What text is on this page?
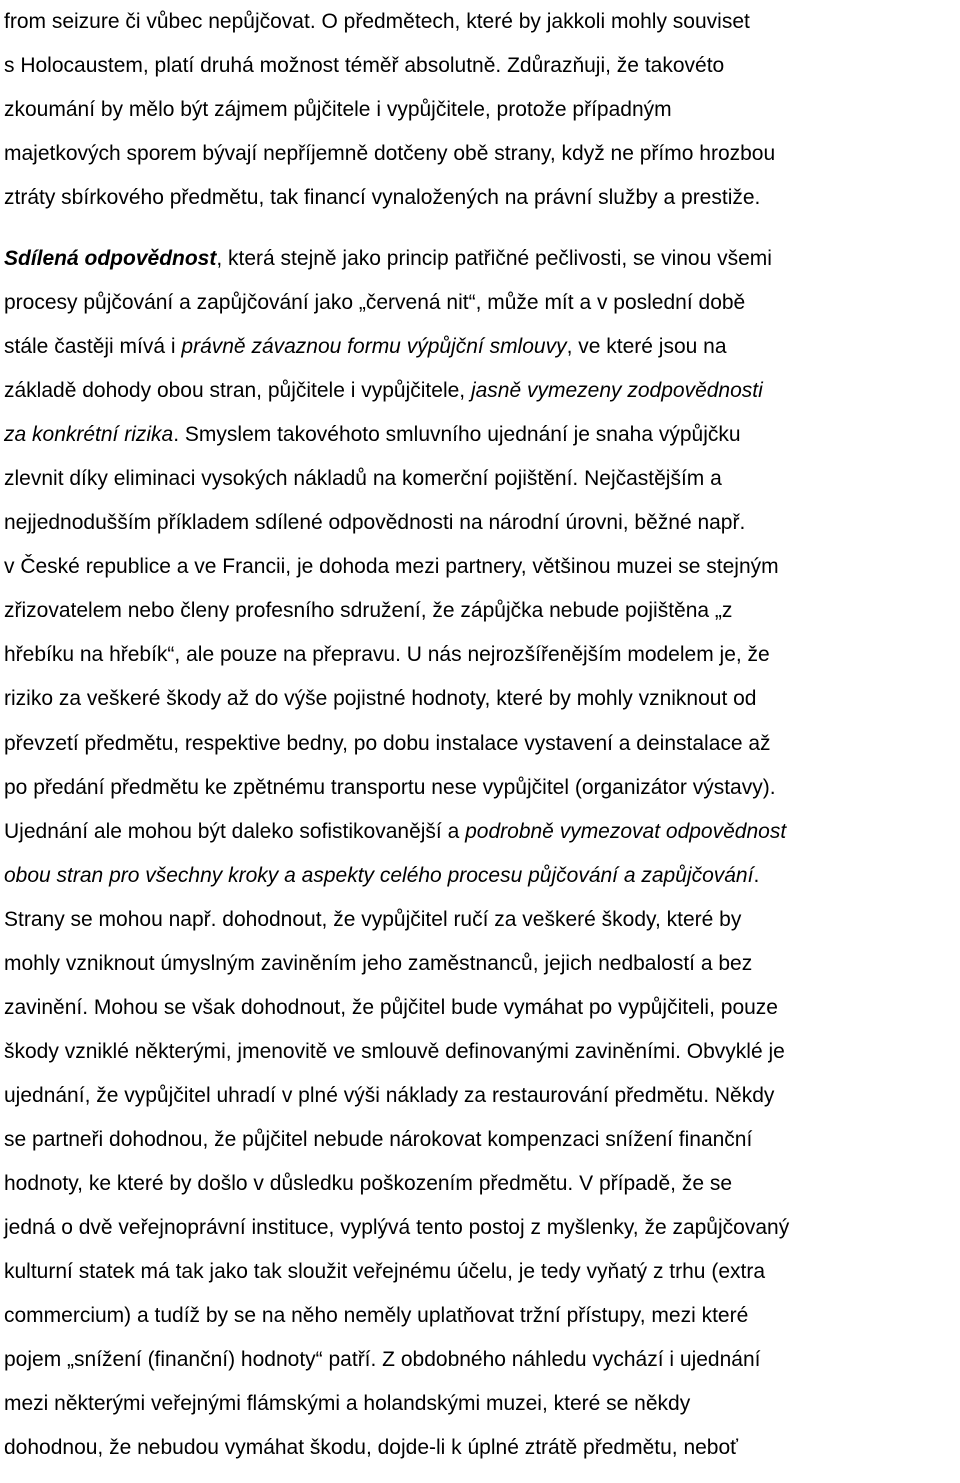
from seizure či vůbec nepůjčovat. O předmětech, které by jakkoli mohly souviset
s Holocaustem, platí druhá možnost téměř absolutně. Zdůrazňuji, že takovéto
zkoumání by mělo být zájmem půjčitele i vypůjčitele, protože případným
majetkových sporem bývají nepříjemně dotčeny obě strany, když ne přímo hrozbou
ztráty sbírkového předmětu, tak financí vynaložených na právní služby a prestiže.

Sdílená odpovědnost, která stejně jako princip patřičné pečlivosti, se vinou všemi
procesy půjčování a zapůjčování jako „červená nit“, může mít a v poslední době
stále častěji mívá i právně závaznou formu výpůjční smlouvy, ve které jsou na
základě dohody obou stran, půjčitele i vypůjčitele, jasně vymezeny zodpovědnosti
za konkrétní rizika. Smyslem takovéhoto smluvního ujednání je snaha výpůjčku
zlevnit díky eliminaci vysokých nákladů na komerční pojištění. Nejčastějším a
nejjednodušším příkladem sdílené odpovědnosti na národní úrovni, běžné např.
v České republice a ve Francii, je dohoda mezi partnery, většinou muzei se stejným
zřizovatelem nebo členy profesního sdružení, že zápůjčka nebude pojištěna „z
hřebíku na hřebík“, ale pouze na přepravu. U nás nejrozšířenějším modelem je, že
riziko za veškeré škody až do výše pojistné hodnoty, které by mohly vzniknout od
převzetí předmětu, respektive bedny, po dobu instalace vystavení a deinstalace až
po předání předmětu ke zpětnému transportu nese vypůjčitel (organizátor výstavy).
Ujednání ale mohou být daleko sofistikovanější a podrobně vymezovat odpovědnost
obou stran pro všechny kroky a aspekty celého procesu půjčování a zapůjčování.
Strany se mohou např. dohodnout, že vypůjčitel ručí za veškeré škody, které by
mohly vzniknout úmyslným zaviněním jeho zaměstnanců, jejich nedbalostí a bez
zavinění. Mohou se však dohodnout, že půjčitel bude vymáhat po vypůjčiteli, pouze
škody vzniklé některými, jmenovitě ve smlouvě definovanými zaviněními. Obvyklé je
ujednání, že vypůjčitel uhradí v plné výši náklady za restaurování předmětu. Někdy
se partneři dohodnou, že půjčitel nebude nárokovat kompenzaci snížení finanční
hodnoty, ke které by došlo v důsledku poškozením předmětu. V případě, že se
jedná o dvě veřejnoprávní instituce, vyplývá tento postoj z myšlenky, že zapůjčovaný
kulturní statek má tak jako tak sloužit veřejnému účelu, je tedy vyňatý z trhu (extra
commercium) a tudíž by se na něho neměly uplatňovat tržní přístupy, mezi které
pojem „snížení (finanční) hodnoty“ patří. Z obdobného náhledu vychází i ujednání
mezi některými veřejnými flámskými a holandskými muzei, které se někdy
dohodnou, že nebudou vymáhat škodu, dojde-li k úplné ztrátě předmětu, neboť
